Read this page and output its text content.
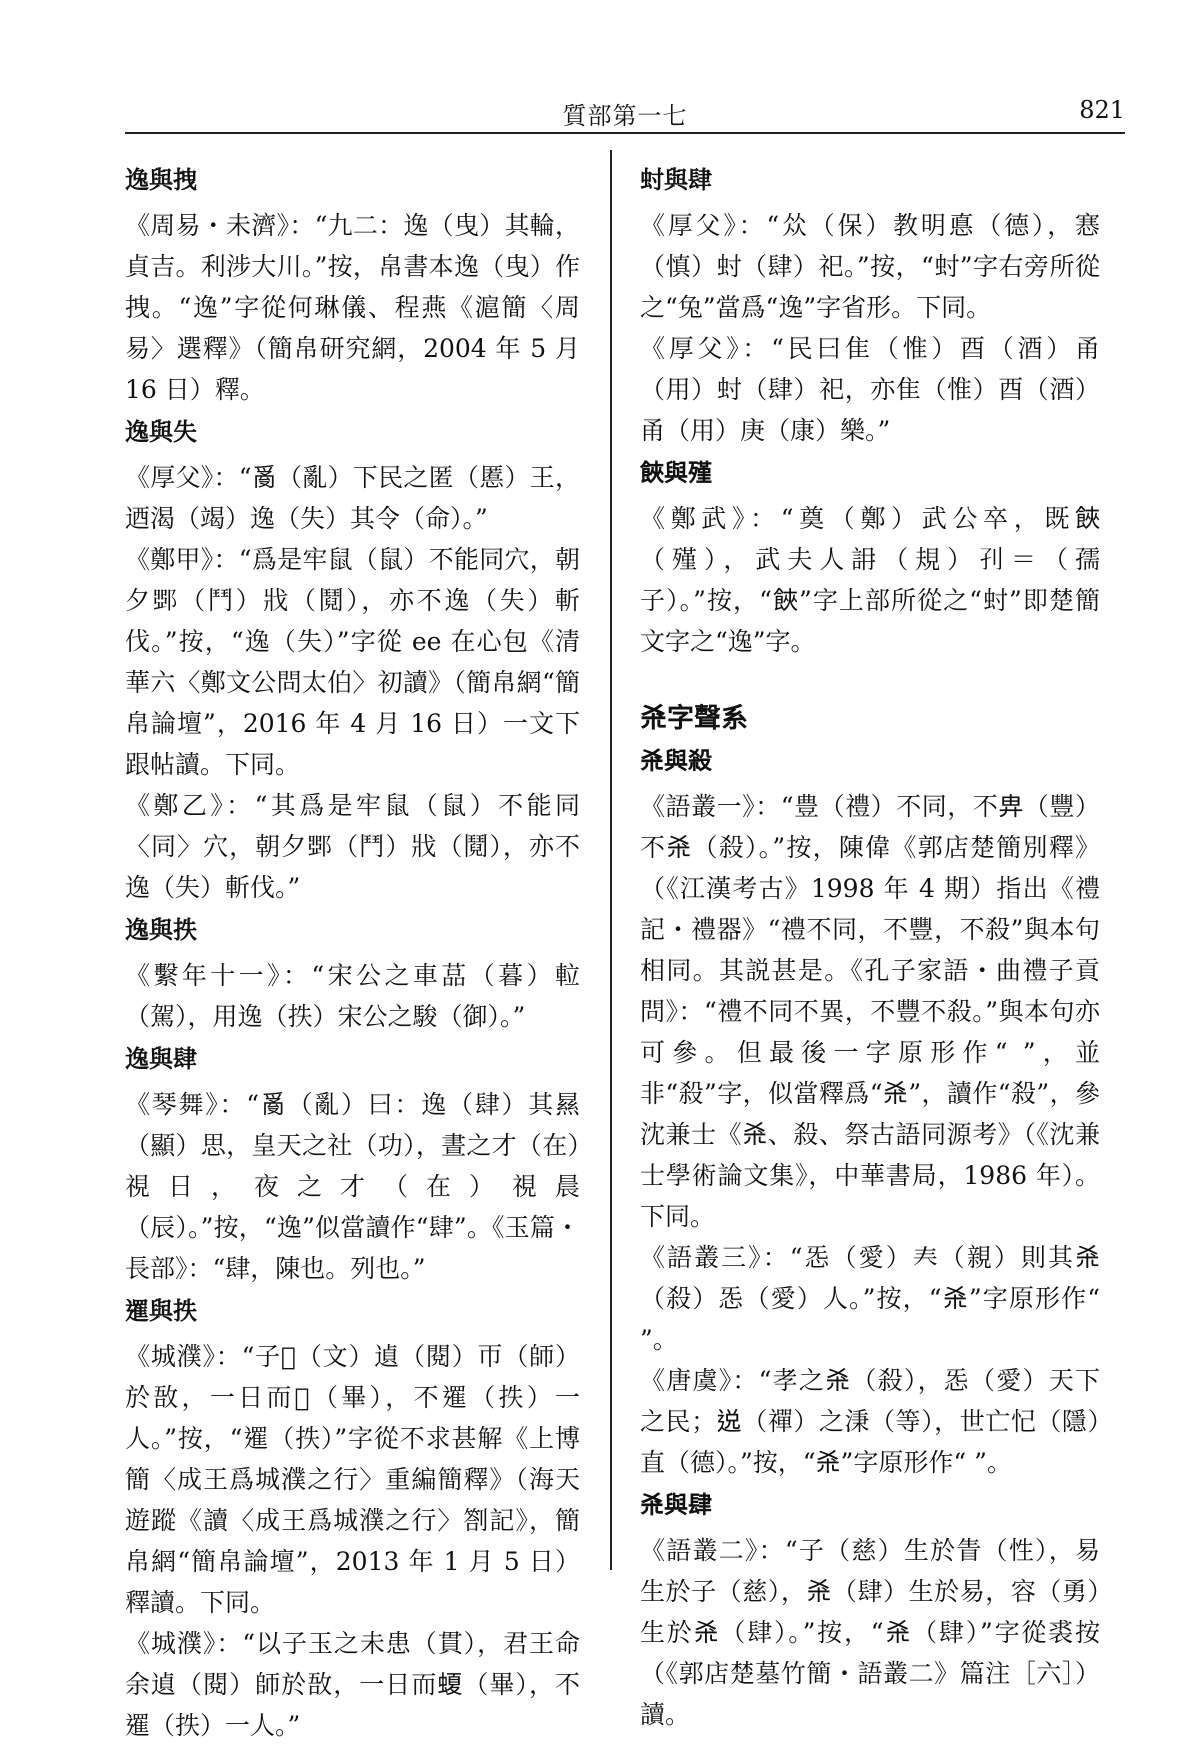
質部第一七	821
逸與拽

《周易・未濟》：“九二：逸（曳）其輪，貞吉。利涉大川。”按，帛書本逸（曳）作拽。“逸”字從何琳儀、程燕《滬簡〈周易〉選釋》（簡帛研究網，2004 年 5 月 16 日）釋。

逸與失

《厚父》：“𤔔（亂）下民之匿（慝）王，迺渴（竭）逸（失）其令（命）。”

《鄭甲》：“爲是牢鼠（鼠）不能同穴，朝夕𨜹（鬥）戕（鬩），亦不逸（失）斬伐。”按，“逸（失）”字從 ee 在心包《清華六〈鄭文公問太伯〉初讀》（簡帛網“簡帛論壇”，2016 年 4 月 16 日）一文下跟帖讀。下同。

《鄭乙》：“其爲是牢鼠（鼠）不能同〈同〉穴，朝夕𨜹（鬥）戕（鬩），亦不逸（失）斬伐。”

逸與抶

《繫年十一》：“宋公之車䓵（暮）𨋢（駕），用逸（抶）宋公之駿（御）。”

逸與肆

《琴舞》：“𤔔（亂）曰：逸（肆）其㬎（顯）思，皇天之社（功），晝之才（在）視日，夜之才（在）視晨（辰）。”按，“逸”似當讀作“肆”。《玉篇・長部》：“肆，陳也。列也。”

𨗴與抶

《城濮》：“子𢼂（文）遉（閱）帀（師）於敔，一日而𧏡（畢），不𨗴（抶）一人。”按，“𨗴（抶）”字從不求甚解《上博簡〈成王爲城濮之行〉重編簡釋》（海天遊蹤《讀〈成王爲城濮之行〉劄記》，簡帛網“簡帛論壇”，2013 年 1 月 5 日）釋讀。下同。

《城濮》：“以子玉之未患（貫），君王命余遉（閱）師於敔，一日而𧏡（畢），不𨗴（抶）一人。”

䖞與肆

《厚父》：“𠈌（保）教明悳（德），㥶（慎）䖞（肆）祀。”按，“䖞”字右旁所從之“兔”當爲“逸”字省形。下同。

《厚父》：“民曰隹（惟）酉（酒）甬（用）䖞（肆）祀，亦隹（惟）酉（酒）甬（用）庚（康）樂。”

𩛩與殣

《鄭武》：“奠（鄭）武公卒，既𩛩（殣），武夫人䛁（規）𡥁＝（孺子）。”按，“𩛩”字上部所從之“䖞”即楚簡文字之“逸”字。

𣏂字聲系
𣏂與殺

《語叢一》：“豊（禮）不同，不𢍁（豐）不𣏂（殺）。”按，陳偉《郭店楚簡別釋》（《江漢考古》1998 年 4 期）指出《禮記・禮器》“禮不同，不豐，不殺”與本句相同。其説甚是。《孔子家語・曲禮子貢問》：“禮不同不異，不豐不殺。”與本句亦可參。但最後一字原形作“ ”，並非“殺”字，似當釋爲“𣏂”，讀作“殺”，參沈兼士《𣏂、殺、祭古語同源考》（《沈兼士學術論文集》，中華書局，1986 年）。下同。

《語叢三》：“㤅（愛）𡗗（親）則其𣏂（殺）㤅（愛）人。”按，“𣏂”字原形作“ ”。

《唐虞》：“孝之𣏂（殺），㤅（愛）天下之民；𨓚（禪）之𣶸（等），世亡忋（隱）直（德）。”按，“𣏂”字原形作“ ”。

𣏂與肆

《語叢二》：“子（慈）生於眚（性），易生於子（慈），𣏂（肆）生於易，容（勇）生於𣏂（肆）。”按，“𣏂（肆）”字從裘按（《郭店楚墓竹簡・語叢二》篇注［六］）讀。
